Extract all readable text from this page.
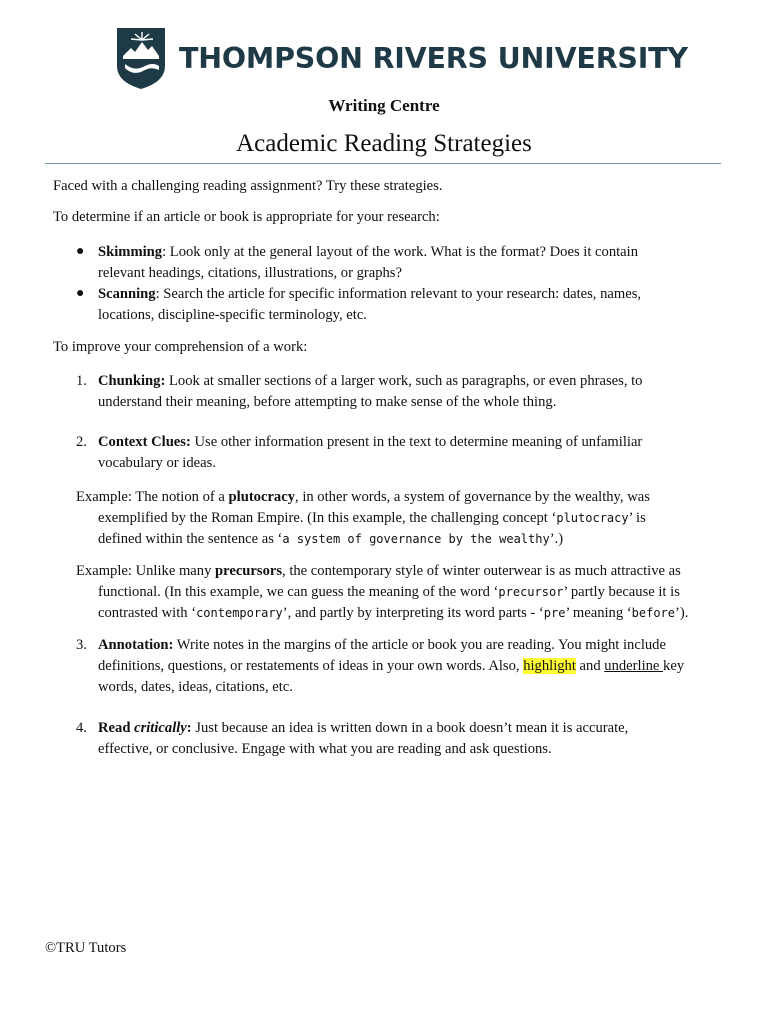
THOMPSON RIVERS UNIVERSITY
Writing Centre
Academic Reading Strategies
Faced with a challenging reading assignment? Try these strategies.
To determine if an article or book is appropriate for your research:
● Skimming: Look only at the general layout of the work. What is the format? Does it contain
relevant headings, citations, illustrations, or graphs?
● Scanning: Search the article for specific information relevant to your research: dates, names,
locations, discipline-specific terminology, etc.
To improve your comprehension of a work:
1. Chunking: Look at smaller sections of a larger work, such as paragraphs, or even phrases, to
understand their meaning, before attempting to make sense of the whole thing.
2. Context Clues: Use other information present in the text to determine meaning of unfamiliar
vocabulary or ideas.
Example: The notion of a plutocracy, in other words, a system of governance by the wealthy, was
exemplified by the Roman Empire. (In this example, the challenging concept ‘plutocracy’ is
defined within the sentence as ‘a system of governance by the wealthy’.)
Example: Unlike many precursors, the contemporary style of winter outerwear is as much attractive as
functional. (In this example, we can guess the meaning of the word ‘precursor’ partly because it is
contrasted with ‘contemporary’, and partly by interpreting its word parts - ‘pre’ meaning ‘before’).
3. Annotation: Write notes in the margins of the article or book you are reading. You might include
definitions, questions, or restatements of ideas in your own words. Also, highlight and underline key
words, dates, ideas, citations, etc.
4. Read critically: Just because an idea is written down in a book doesn’t mean it is accurate,
effective, or conclusive. Engage with what you are reading and ask questions.
©TRU Tutors
